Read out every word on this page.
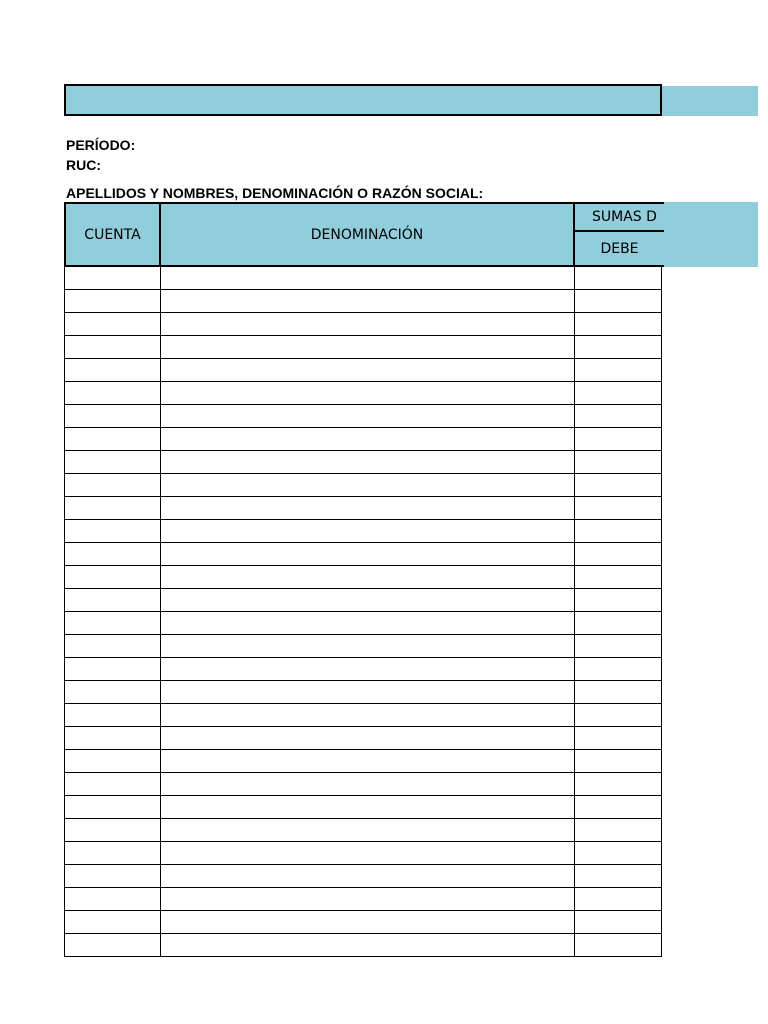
PERÍODO:
RUC:
APELLIDOS Y NOMBRES, DENOMINACIÓN O RAZÓN SOCIAL:
CUENTA	DENOMINACIÓN
SUMAS D
DEBE
